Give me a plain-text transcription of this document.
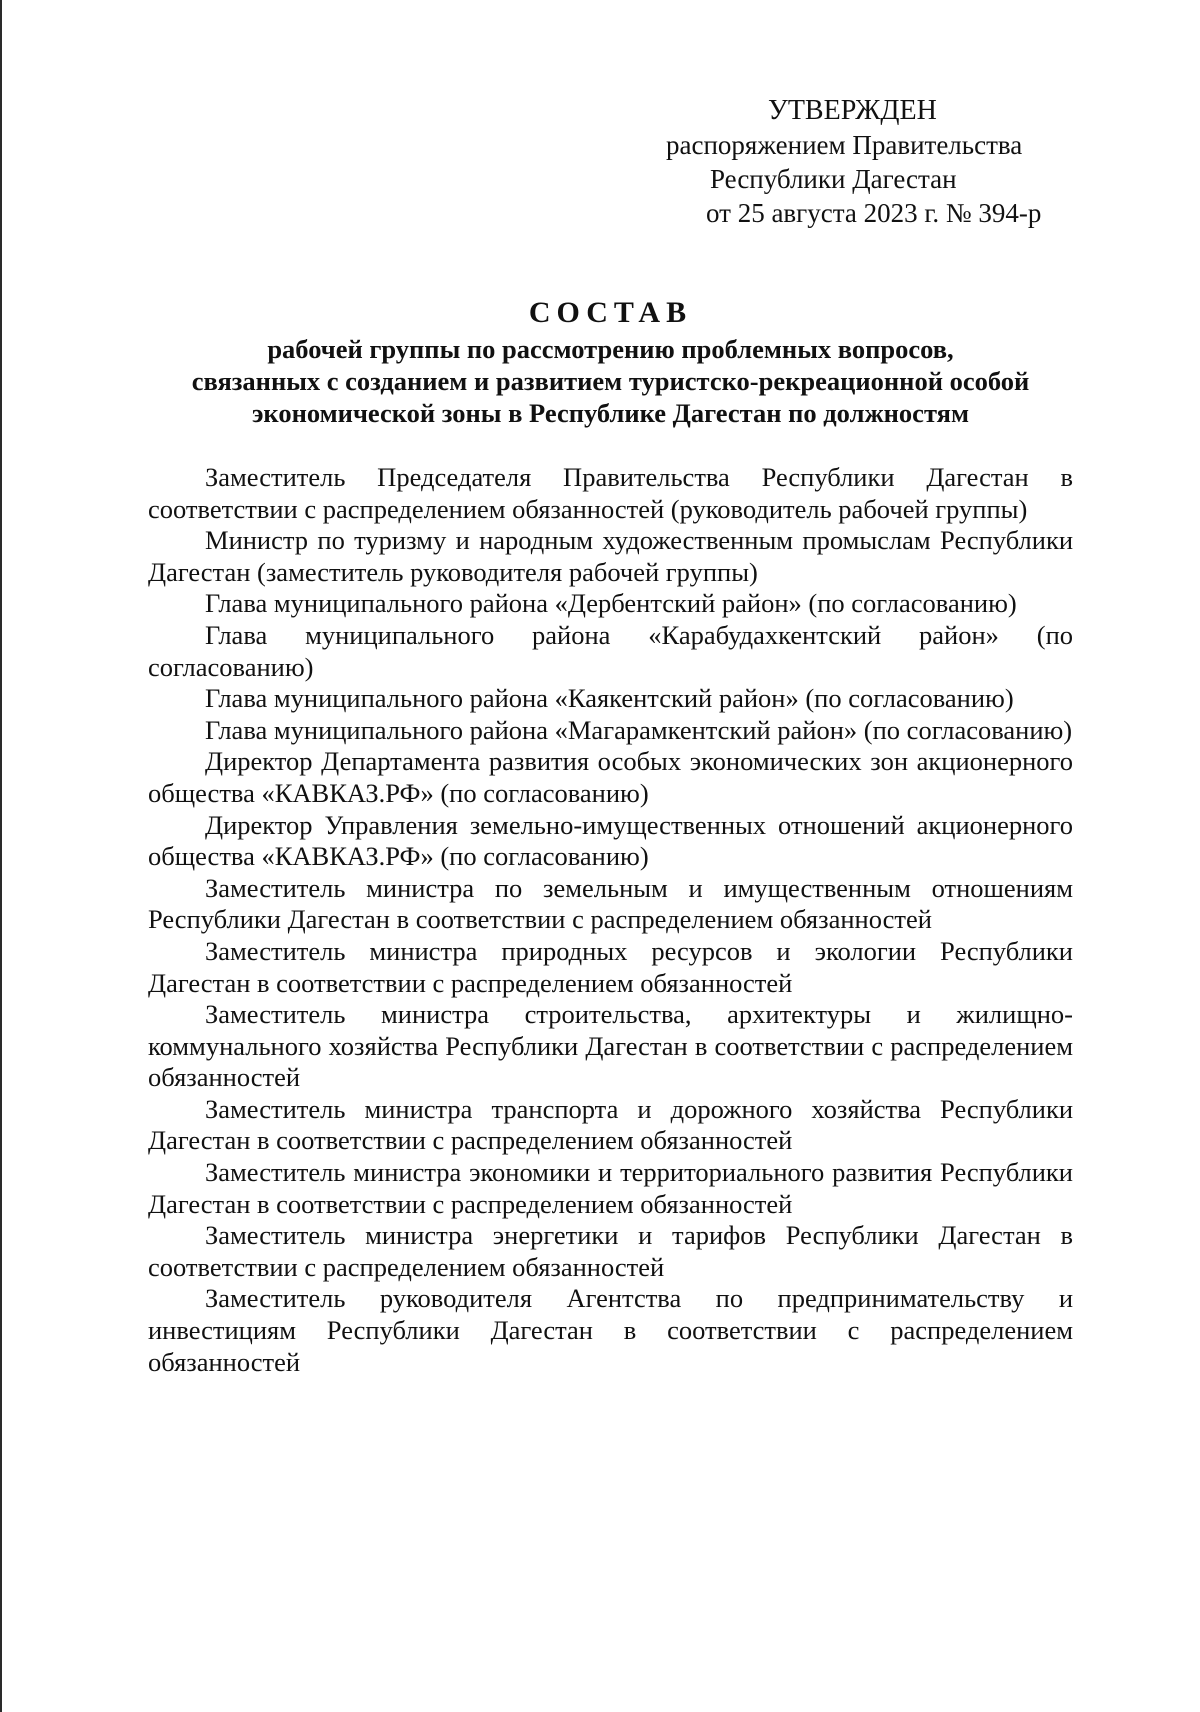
УТВЕРЖДЕН
распоряжением Правительства
Республики Дагестан
от 25 августа 2023 г. № 394-р
СОСТАВ
рабочей группы по рассмотрению проблемных вопросов,
связанных с созданием и развитием туристско-рекреационной особой
экономической зоны в Республике Дагестан по должностям

Заместитель Председателя Правительства Республики Дагестан в соответствии с распределением обязанностей (руководитель рабочей группы)

Министр по туризму и народным художественным промыслам Республики Дагестан (заместитель руководителя рабочей группы)

Глава муниципального района «Дербентский район» (по согласованию)

Глава муниципального района «Карабудахкентский район» (по согласованию)

Глава муниципального района «Каякентский район» (по согласованию)

Глава муниципального района «Магарамкентский район» (по согласованию)

Директор Департамента развития особых экономических зон акционерного общества «КАВКАЗ.РФ» (по согласованию)

Директор Управления земельно-имущественных отношений акционерного общества «КАВКАЗ.РФ» (по согласованию)

Заместитель министра по земельным и имущественным отношениям Республики Дагестан в соответствии с распределением обязанностей

Заместитель министра природных ресурсов и экологии Республики Дагестан в соответствии с распределением обязанностей

Заместитель министра строительства, архитектуры и жилищно-коммунального хозяйства Республики Дагестан в соответствии с распределением обязанностей

Заместитель министра транспорта и дорожного хозяйства Республики Дагестан в соответствии с распределением обязанностей

Заместитель министра экономики и территориального развития Республики Дагестан в соответствии с распределением обязанностей

Заместитель министра энергетики и тарифов Республики Дагестан в соответствии с распределением обязанностей

Заместитель руководителя Агентства по предпринимательству и инвестициям Республики Дагестан в соответствии с распределением обязанностей
